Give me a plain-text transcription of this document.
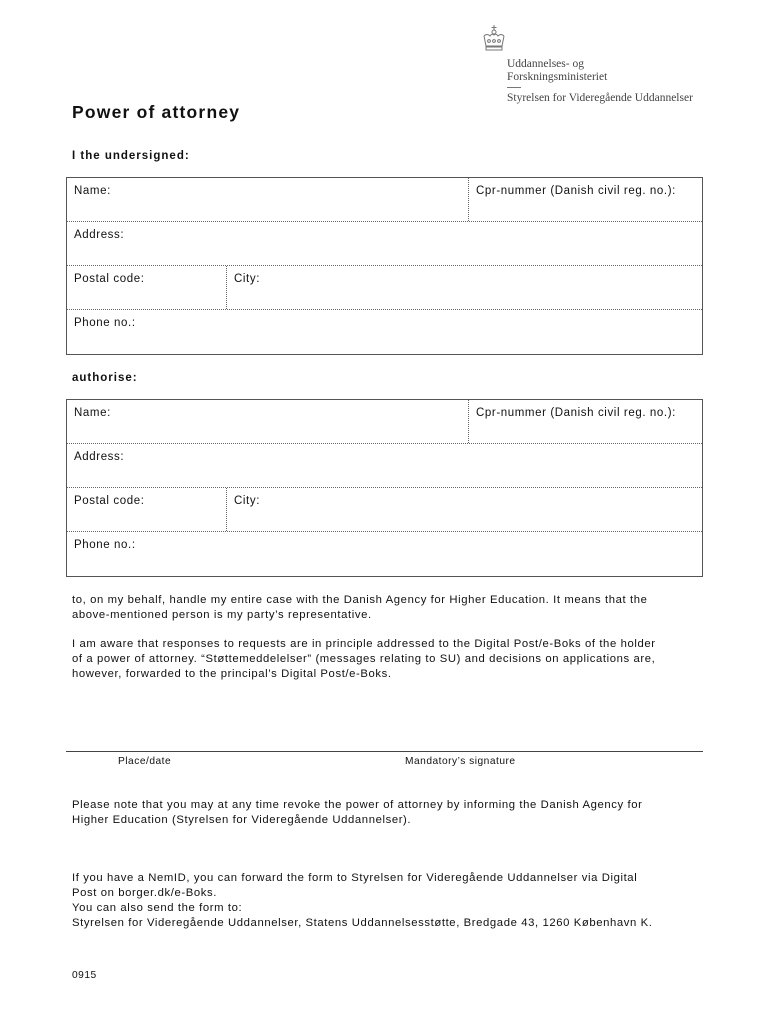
Uddannelses- og
Forskningsministeriet
Styrelsen for Videregående Uddannelser
Power of attorney
I the undersigned:
Name:	Cpr-nummer (Danish civil reg. no.):
Address:
Postal code:	City:
Phone no.:
authorise:
Name:	Cpr-nummer (Danish civil reg. no.):
Address:
Postal code:	City:
Phone no.:
to, on my behalf, handle my entire case with the Danish Agency for Higher Education. It means that the
above-mentioned person is my party’s representative.
I am aware that responses to requests are in principle addressed to the Digital Post/e-Boks of the holder
of a power of attorney. “Støttemeddelelser” (messages relating to SU) and decisions on applications are,
however, forwarded to the principal’s Digital Post/e-Boks.
Place/date	Mandatory’s signature
Please note that you may at any time revoke the power of attorney by informing the Danish Agency for
Higher Education (Styrelsen for Videregående Uddannelser).
If you have a NemID, you can forward the form to Styrelsen for Videregående Uddannelser via Digital
Post on borger.dk/e-Boks.
You can also send the form to:
Styrelsen for Videregående Uddannelser, Statens Uddannelsesstøtte, Bredgade 43, 1260 København K.
0915
